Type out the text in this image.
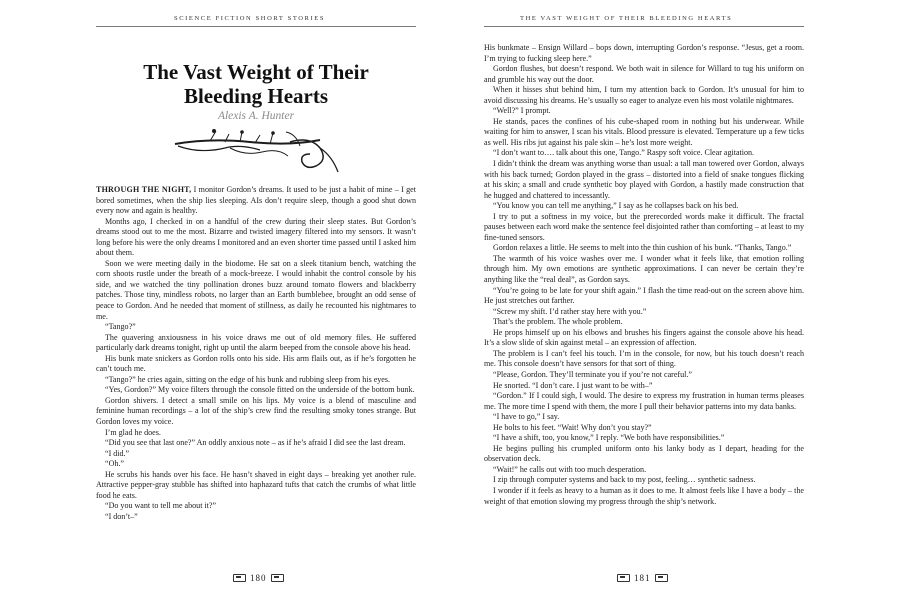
SCIENCE FICTION SHORT STORIES
The Vast Weight of Their
Bleeding Hearts
Alexis A. Hunter

THROUGH THE NIGHT, I monitor Gordon’s dreams. It used to be just a habit of mine – I get bored sometimes, when the ship lies sleeping. AIs don’t require sleep, though a good shut down every now and again is healthy.

Months ago, I checked in on a handful of the crew during their sleep states. But Gordon’s dreams stood out to me the most. Bizarre and twisted imagery filtered into my sensors. It wasn’t long before his were the only dreams I monitored and an even shorter time passed until I asked him about them.

Soon we were meeting daily in the biodome. He sat on a sleek titanium bench, watching the corn shoots rustle under the breath of a mock-breeze. I would inhabit the control console by his side, and we watched the tiny pollination drones buzz around tomato flowers and blackberry patches. Those tiny, mindless robots, no larger than an Earth bumblebee, brought an odd sense of peace to Gordon. And he needed that moment of stillness, as daily he recounted his nightmares to me.

“Tango?”

The quavering anxiousness in his voice draws me out of old memory files. He suffered particularly dark dreams tonight, right up until the alarm beeped from the console above his head.

His bunk mate snickers as Gordon rolls onto his side. His arm flails out, as if he’s forgotten he can’t touch me.

“Tango?” he cries again, sitting on the edge of his bunk and rubbing sleep from his eyes.

“Yes, Gordon?” My voice filters through the console fitted on the underside of the bottom bunk.

Gordon shivers. I detect a small smile on his lips. My voice is a blend of masculine and feminine human recordings – a lot of the ship’s crew find the resulting smoky tones strange. But Gordon loves my voice.

I’m glad he does.

“Did you see that last one?” An oddly anxious note – as if he’s afraid I did see the last dream.

“I did.”

“Oh.”

He scrubs his hands over his face. He hasn’t shaved in eight days – breaking yet another rule. Attractive pepper-gray stubble has shifted into haphazard tufts that catch the crumbs of what little food he eats.

“Do you want to tell me about it?”

“I don’t–”

180
THE VAST WEIGHT OF THEIR BLEEDING HEARTS

His bunkmate – Ensign Willard – bops down, interrupting Gordon’s response. “Jesus, get a room. I’m trying to fucking sleep here.”

Gordon flushes, but doesn’t respond. We both wait in silence for Willard to tug his uniform on and grumble his way out the door.

When it hisses shut behind him, I turn my attention back to Gordon. It’s unusual for him to avoid discussing his dreams. He’s usually so eager to analyze even his most volatile nightmares.

“Well?” I prompt.

He stands, paces the confines of his cube-shaped room in nothing but his underwear. While waiting for him to answer, I scan his vitals. Blood pressure is elevated. Temperature up a few ticks as well. His ribs jut against his pale skin – he’s lost more weight.

“I don’t want to…. talk about this one, Tango.” Raspy soft voice. Clear agitation.

I didn’t think the dream was anything worse than usual: a tall man towered over Gordon, always with his back turned; Gordon played in the grass – distorted into a field of snake tongues flicking at his skin; a small and crude synthetic boy played with Gordon, a hastily made construction that he hugged and chattered to incessantly.

“You know you can tell me anything,” I say as he collapses back on his bed.

I try to put a softness in my voice, but the prerecorded words make it difficult. The fractal pauses between each word make the sentence feel disjointed rather than comforting – at least to my fine-tuned sensors.

Gordon relaxes a little. He seems to melt into the thin cushion of his bunk. “Thanks, Tango.”

The warmth of his voice washes over me. I wonder what it feels like, that emotion rolling through him. My own emotions are synthetic approximations. I can never be certain they’re anything like the “real deal”, as Gordon says.

“You’re going to be late for your shift again.” I flash the time read-out on the screen above him. He just stretches out farther.

“Screw my shift. I’d rather stay here with you.”

That’s the problem. The whole problem.

He props himself up on his elbows and brushes his fingers against the console above his head. It’s a slow slide of skin against metal – an expression of affection.

The problem is I can’t feel his touch. I’m in the console, for now, but his touch doesn’t reach me. This console doesn’t have sensors for that sort of thing.

“Please, Gordon. They’ll terminate you if you’re not careful.”

He snorted. “I don’t care. I just want to be with–”

“Gordon.” If I could sigh, I would. The desire to express my frustration in human terms pleases me. The more time I spend with them, the more I pull their behavior patterns into my data banks.

“I have to go,” I say.

He bolts to his feet. “Wait! Why don’t you stay?”

“I have a shift, too, you know,” I reply. “We both have responsibilities.”

He begins pulling his crumpled uniform onto his lanky body as I depart, heading for the observation deck.

“Wait!” he calls out with too much desperation.

I zip through computer systems and back to my post, feeling… synthetic sadness.

I wonder if it feels as heavy to a human as it does to me. It almost feels like I have a body – the weight of that emotion slowing my progress through the ship’s network.

181
